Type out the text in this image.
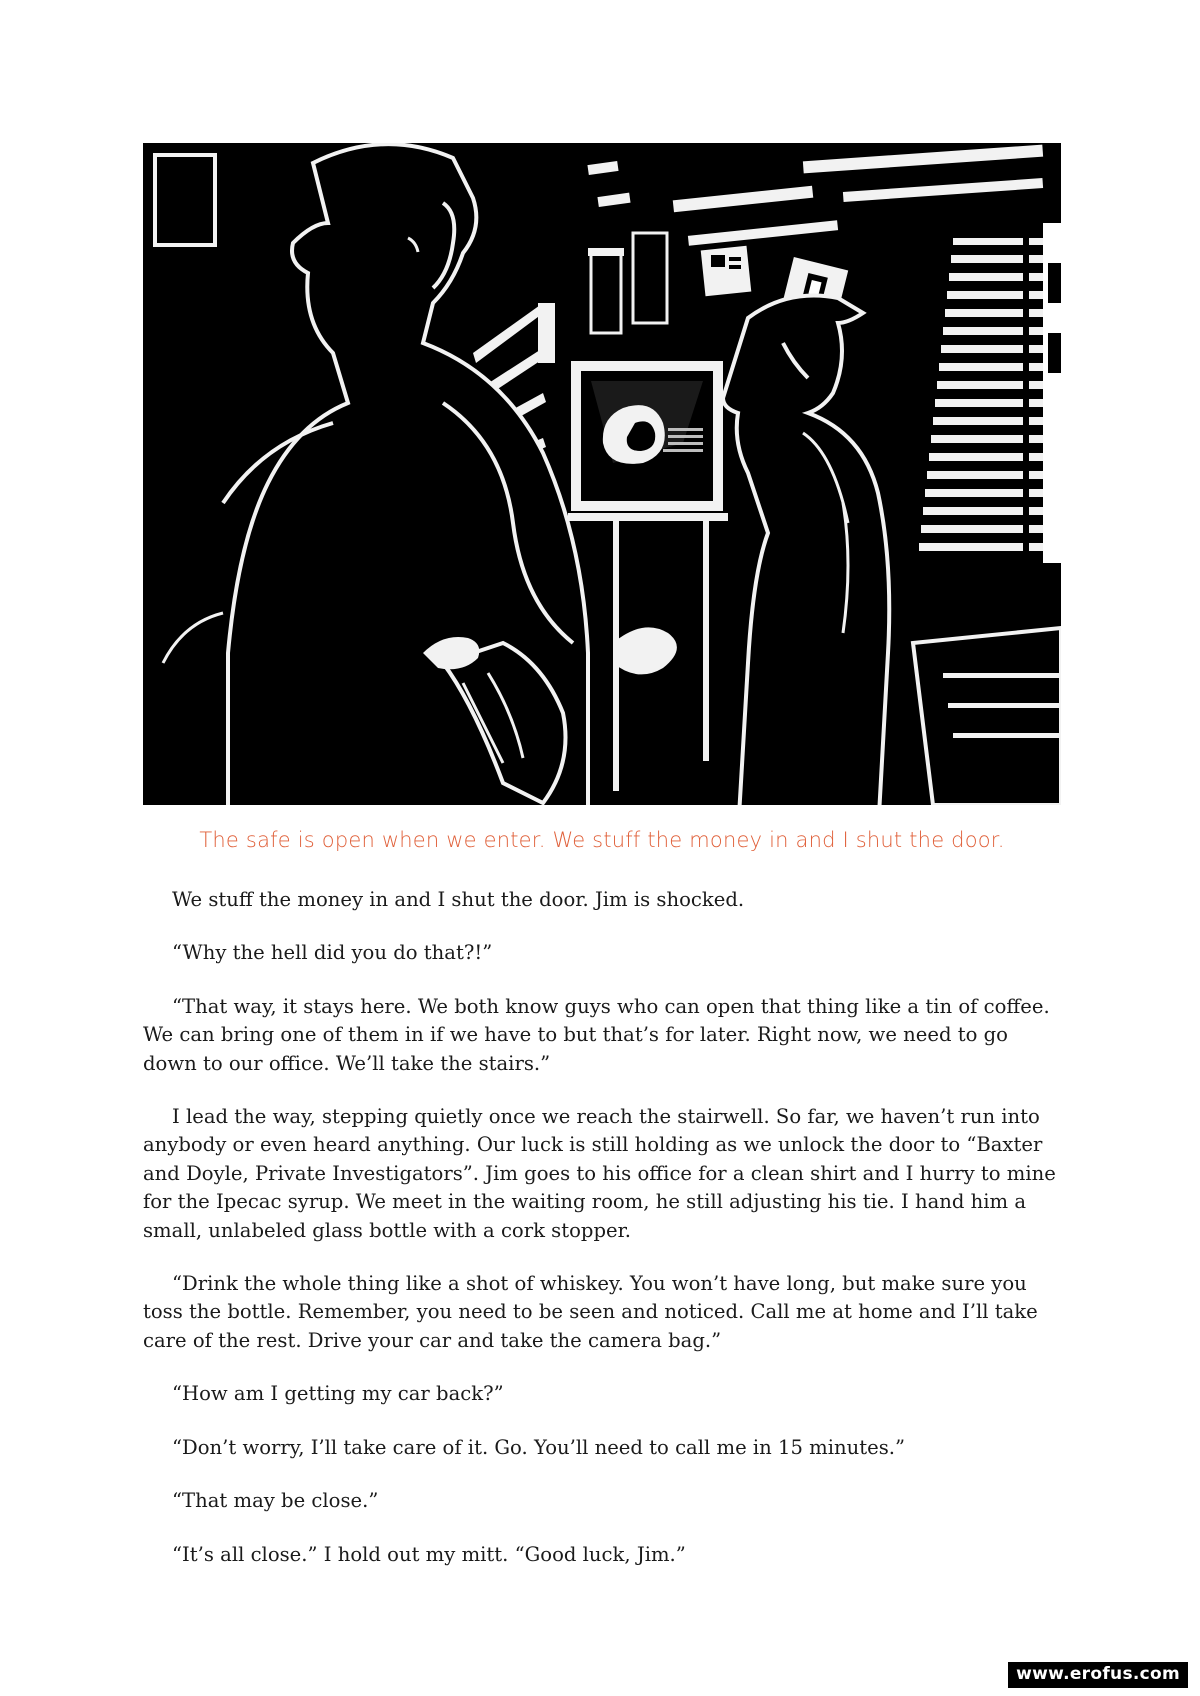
The safe is open when we enter. We stuff the money in and I shut the door.

We stuff the money in and I shut the door. Jim is shocked.

“Why the hell did you do that?!”

“That way, it stays here. We both know guys who can open that thing like a tin of coffee. We can bring one of them in if we have to but that’s for later. Right now, we need to go down to our office. We’ll take the stairs.”

I lead the way, stepping quietly once we reach the stairwell. So far, we haven’t run into anybody or even heard anything. Our luck is still holding as we unlock the door to “Baxter and Doyle, Private Investigators”. Jim goes to his office for a clean shirt and I hurry to mine for the Ipecac syrup. We meet in the waiting room, he still adjusting his tie. I hand him a small, unlabeled glass bottle with a cork stopper.

“Drink the whole thing like a shot of whiskey. You won’t have long, but make sure you toss the bottle. Remember, you need to be seen and noticed. Call me at home and I’ll take care of the rest. Drive your car and take the camera bag.”

“How am I getting my car back?”

“Don’t worry, I’ll take care of it. Go. You’ll need to call me in 15 minutes.”

“That may be close.”

“It’s all close.” I hold out my mitt. “Good luck, Jim.”

www.erofus.com
